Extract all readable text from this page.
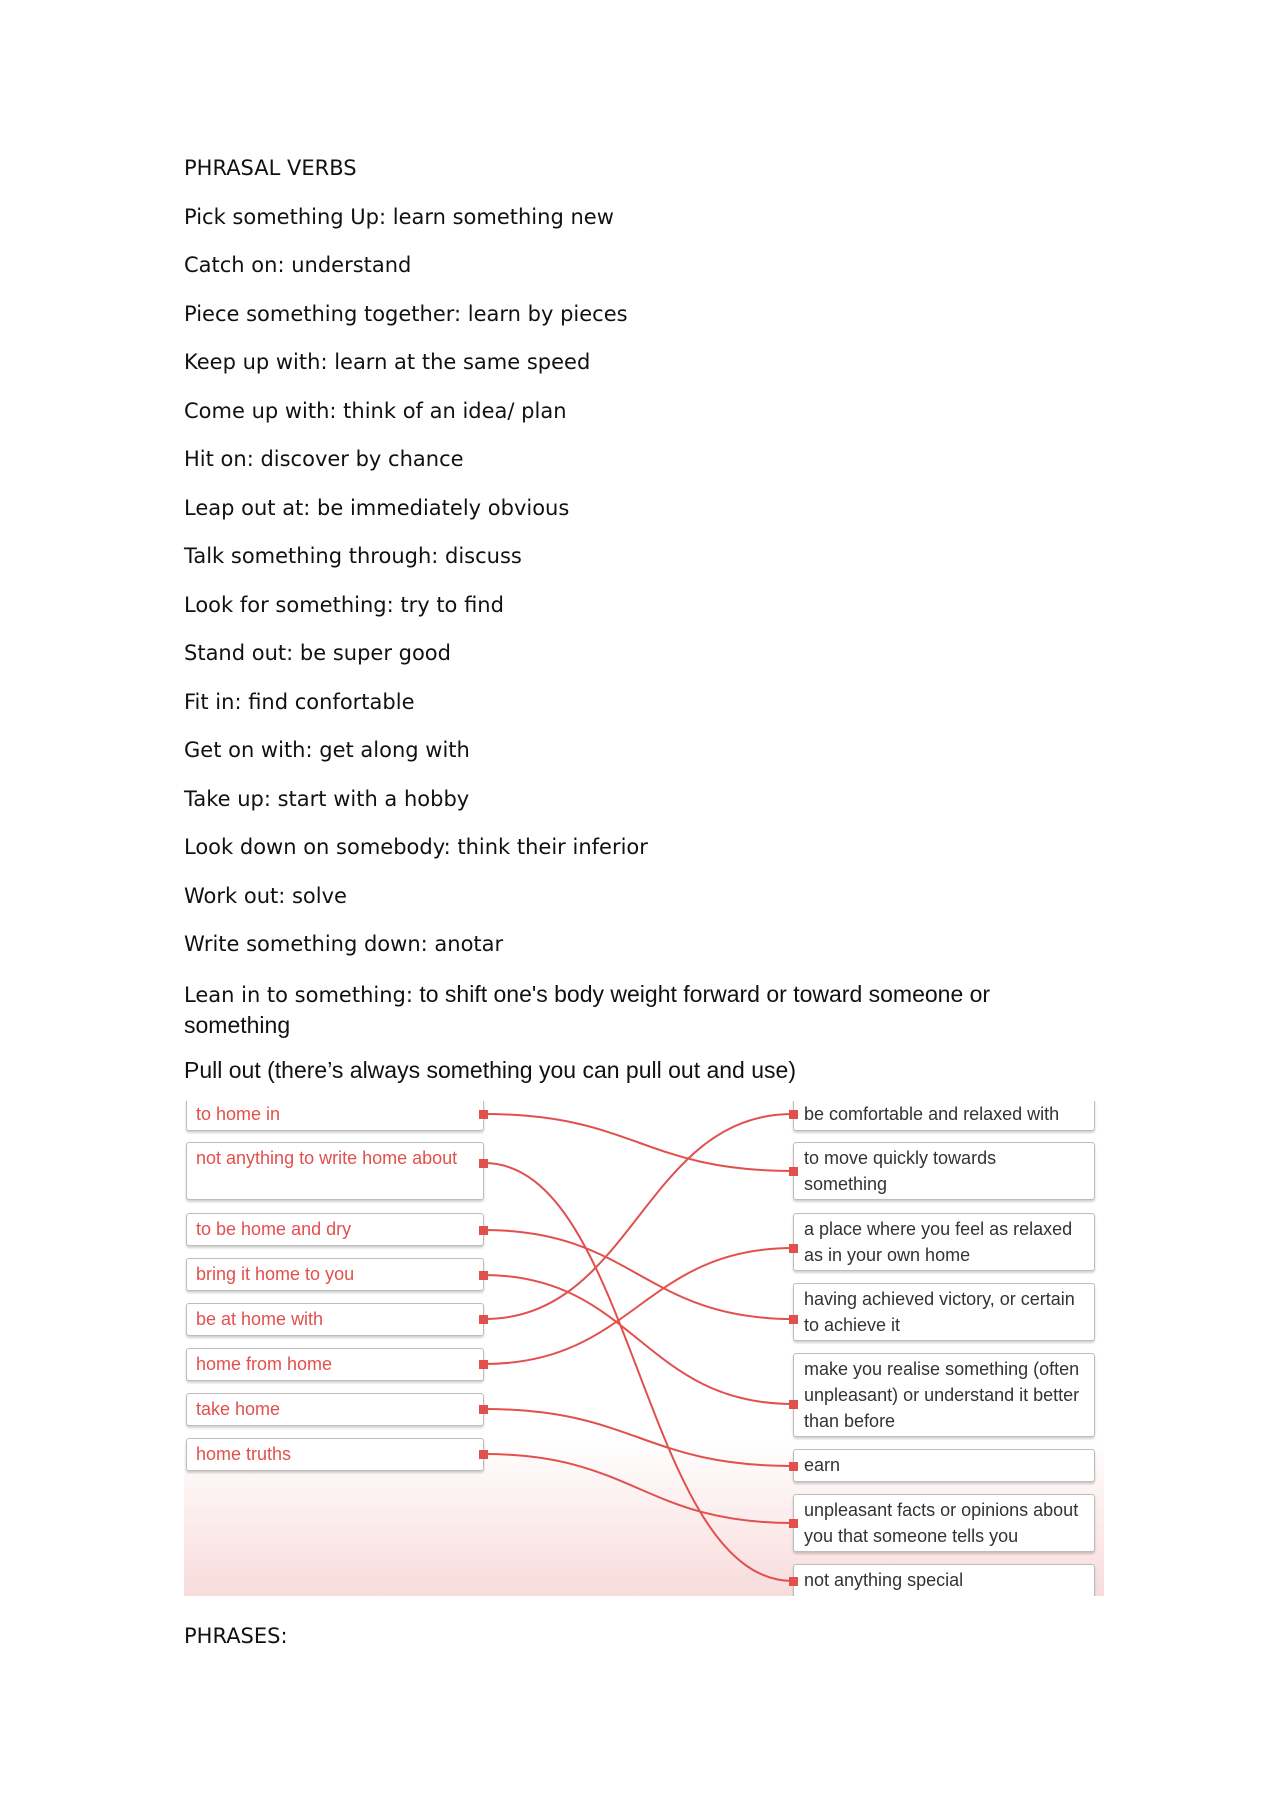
PHRASAL VERBS
Pick something Up: learn something new
Catch on: understand
Piece something together: learn by pieces
Keep up with: learn at the same speed
Come up with: think of an idea/ plan
Hit on: discover by chance
Leap out at: be immediately obvious
Talk something through: discuss
Look for something: try to find
Stand out: be super good
Fit in: find confortable
Get on with: get along with
Take up: start with a hobby
Look down on somebody: think their inferior
Work out: solve
Write something down: anotar
Lean in to something: to shift one's body weight forward or toward someone or something
Pull out (there’s always something you can pull out and use)
to home in
not anything to write home about
to be home and dry
bring it home to you
be at home with
home from home
take home
home truths
be comfortable and relaxed with
to move quickly towards something
a place where you feel as relaxed as in your own home
having achieved victory, or certain to achieve it
make you realise something (often unpleasant) or understand it better than before
earn
unpleasant facts or opinions about you that someone tells you
not anything special
PHRASES:
